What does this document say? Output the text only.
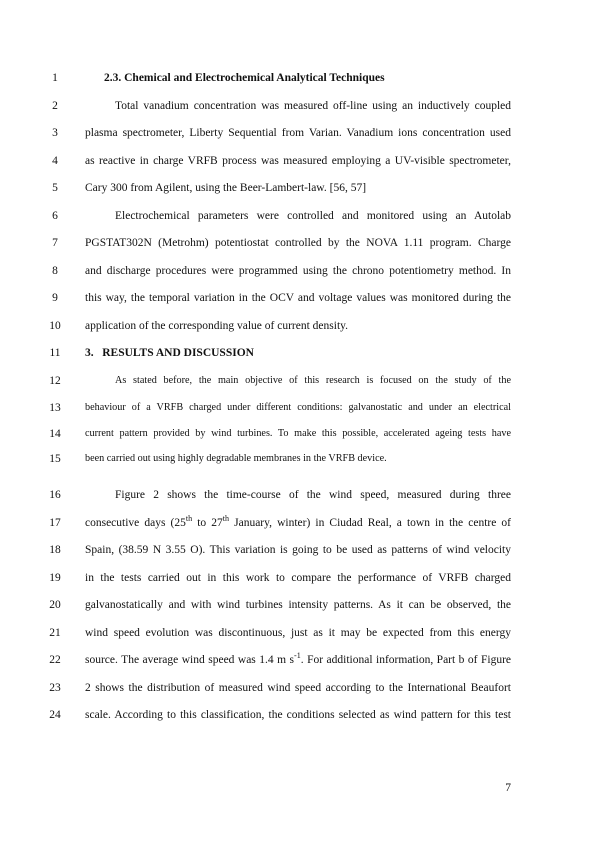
1	2.3. Chemical and Electrochemical Analytical Techniques
2	Total vanadium concentration was measured off-line using an inductively coupled
3	plasma spectrometer, Liberty Sequential from Varian. Vanadium ions concentration used
4	as reactive in charge VRFB process was measured employing a UV-visible spectrometer,
5	Cary 300 from Agilent, using the Beer-Lambert-law. [56, 57]
6	Electrochemical parameters were controlled and monitored using an Autolab
7	PGSTAT302N (Metrohm) potentiostat controlled by the NOVA 1.11 program. Charge
8	and discharge procedures were programmed using the chrono potentiometry method. In
9	this way, the temporal variation in the OCV and voltage values was monitored during the
10	application of the corresponding value of current density.
11	3.   RESULTS AND DISCUSSION
12	As stated before, the main objective of this research is focused on the study of the
13	behaviour of a VRFB charged under different conditions: galvanostatic and under an electrical
14	current pattern provided by wind turbines. To make this possible, accelerated ageing tests have
15	been carried out using highly degradable membranes in the VRFB device.
16	Figure 2 shows the time-course of the wind speed, measured during three
17	consecutive days (25th to 27th January, winter) in Ciudad Real, a town in the centre of
18	Spain, (38.59 N 3.55 O). This variation is going to be used as patterns of wind velocity
19	in the tests carried out in this work to compare the performance of VRFB charged
20	galvanostatically and with wind turbines intensity patterns. As it can be observed, the
21	wind speed evolution was discontinuous, just as it may be expected from this energy
22	source. The average wind speed was 1.4 m $s^{-1}$. For additional information, Part b of Figure
23	2 shows the distribution of measured wind speed according to the International Beaufort
24	scale. According to this classification, the conditions selected as wind pattern for this test
7
